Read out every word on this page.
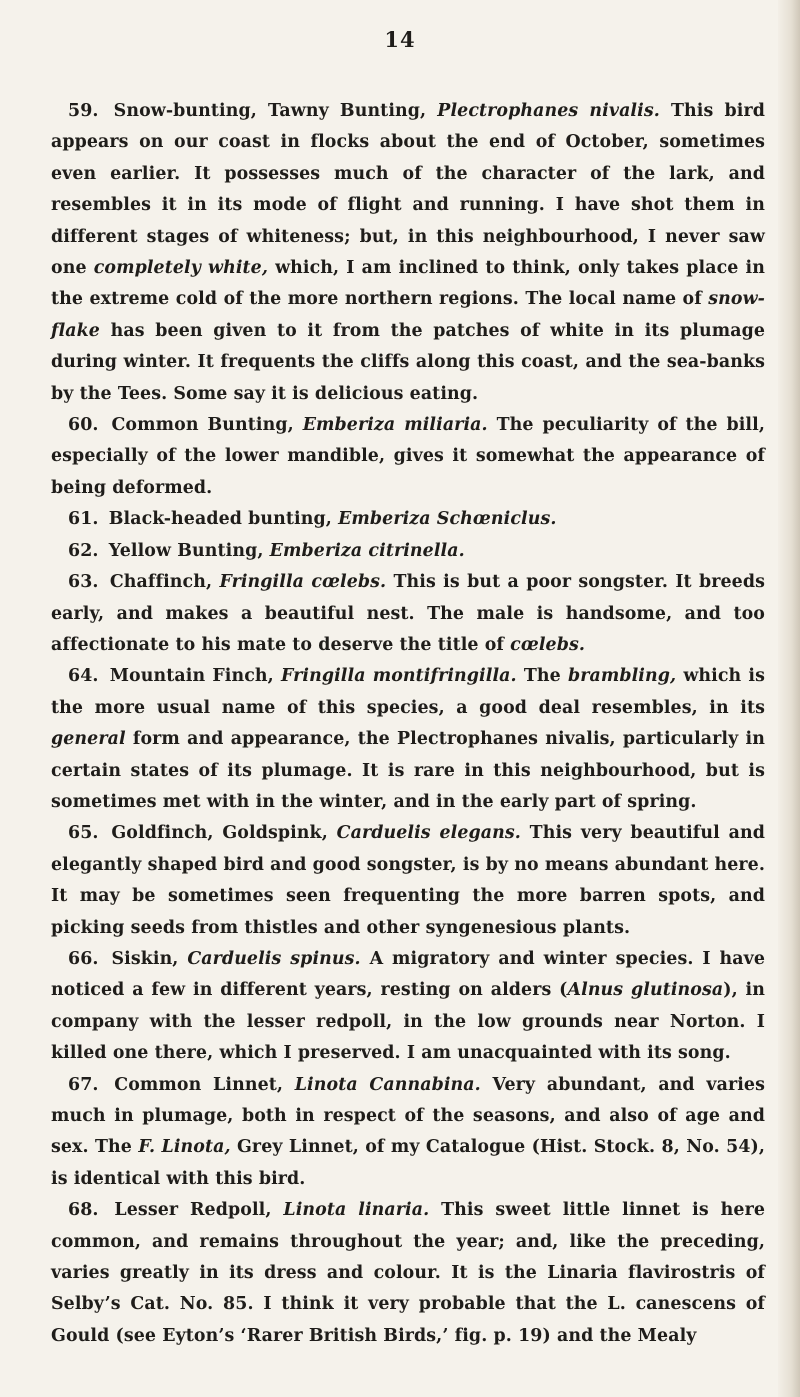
14

59. Snow-bunting, Tawny Bunting, Plectrophanes nivalis. This bird appears on our coast in flocks about the end of October, sometimes even earlier. It possesses much of the character of the lark, and resembles it in its mode of flight and running. I have shot them in different stages of whiteness; but, in this neighbourhood, I never saw one completely white, which, I am inclined to think, only takes place in the extreme cold of the more northern regions. The local name of snow-flake has been given to it from the patches of white in its plumage during winter. It frequents the cliffs along this coast, and the sea-banks by the Tees. Some say it is delicious eating.

60. Common Bunting, Emberiza miliaria. The peculiarity of the bill, especially of the lower mandible, gives it somewhat the appearance of being deformed.

61. Black-headed bunting, Emberiza Schœniclus.

62. Yellow Bunting, Emberiza citrinella.

63. Chaffinch, Fringilla cœlebs. This is but a poor songster. It breeds early, and makes a beautiful nest. The male is handsome, and too affectionate to his mate to deserve the title of cœlebs.

64. Mountain Finch, Fringilla montifringilla. The brambling, which is the more usual name of this species, a good deal resembles, in its general form and appearance, the Plectrophanes nivalis, particularly in certain states of its plumage. It is rare in this neighbourhood, but is sometimes met with in the winter, and in the early part of spring.

65. Goldfinch, Goldspink, Carduelis elegans. This very beautiful and elegantly shaped bird and good songster, is by no means abundant here. It may be sometimes seen frequenting the more barren spots, and picking seeds from thistles and other syngenesious plants.

66. Siskin, Carduelis spinus. A migratory and winter species. I have noticed a few in different years, resting on alders (Alnus glutinosa), in company with the lesser redpoll, in the low grounds near Norton. I killed one there, which I preserved. I am unacquainted with its song.

67. Common Linnet, Linota Cannabina. Very abundant, and varies much in plumage, both in respect of the seasons, and also of age and sex. The F. Linota, Grey Linnet, of my Catalogue (Hist. Stock. 8, No. 54), is identical with this bird.

68. Lesser Redpoll, Linota linaria. This sweet little linnet is here common, and remains throughout the year; and, like the preceding, varies greatly in its dress and colour. It is the Linaria flavirostris of Selby’s Cat. No. 85. I think it very probable that the L. canescens of Gould (see Eyton’s ‘Rarer British Birds,’ fig. p. 19) and the Mealy
